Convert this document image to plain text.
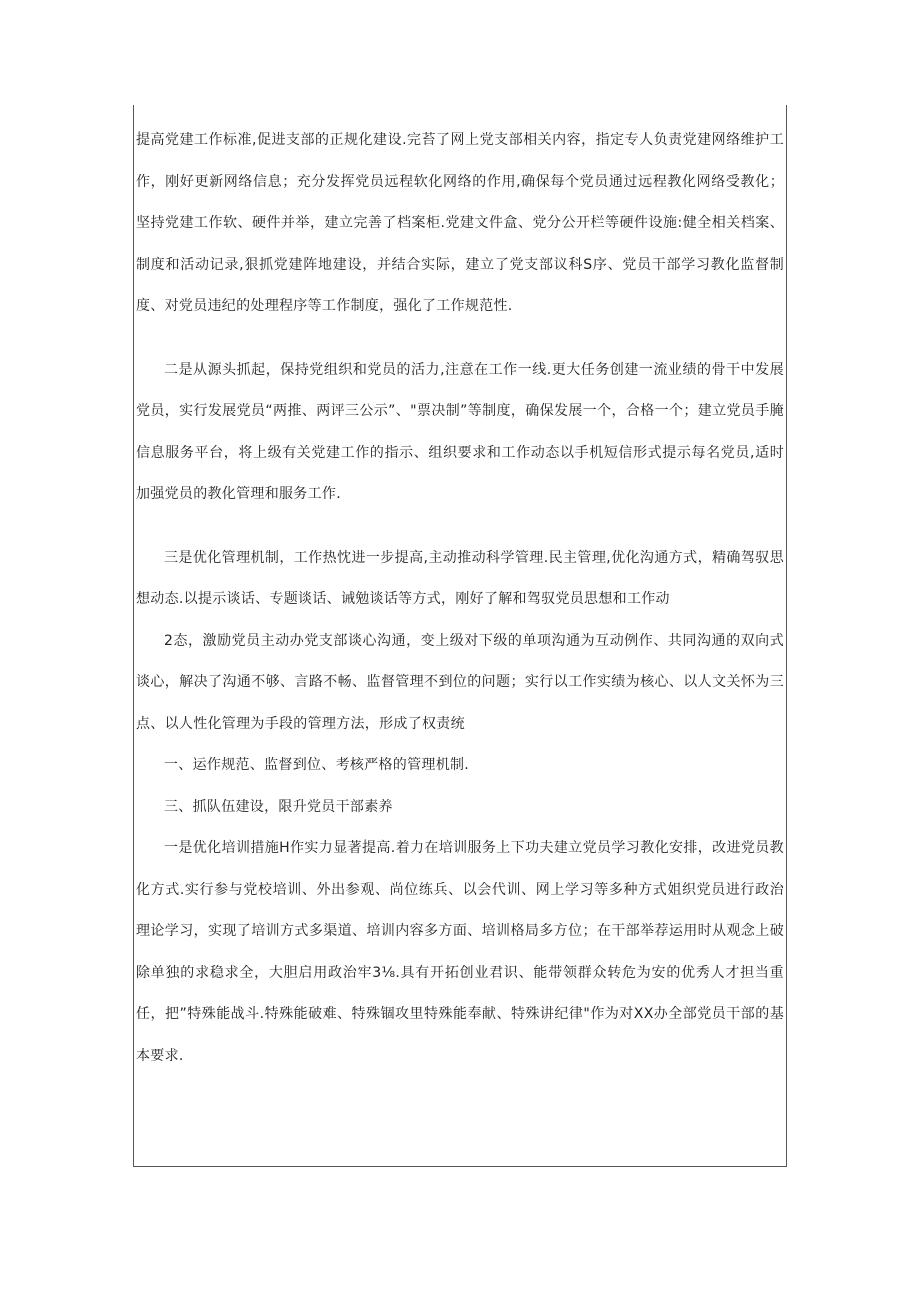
提高党建工作标准,促进支部的正规化建设.完苔了网上党支部相关内容，指定专人负责党建网络维护工作，刚好更新网络信息；充分发挥党员远程软化网络的作用,确保每个党员通过远程教化网络受教化；坚持党建工作软、硬件并举，建立完善了档案柜.党建文件盒、党分公开栏等硬件设施:健全相关档案、制度和活动记录,狠抓党建阵地建设，并结合实际，建立了党支部议科S序、党员干部学习教化监督制度、对党员违纪的处理程序等工作制度，强化了工作规范性.

二是从源头抓起，保持党组织和党员的活力,注意在工作一线.更大任务创建一流业绩的骨干中发展党员，实行发展党员“两推、两评三公示”、"票决制”等制度，确保发展一个，合格一个；建立党员手腌信息服务平台，将上级有关党建工作的指示、组织要求和工作动态以手机短信形式提示每名党员,适时加强党员的教化管理和服务工作.

三是优化管理机制，工作热忱进一步提高,主动推动科学管理.民主管理,优化沟通方式，精确驾驭思想动态.以提示谈话、专题谈话、诫勉谈话等方式，刚好了解和驾驭党员思想和工作动

2态，激励党员主动办党支部谈心沟通，变上级对下级的单项沟通为互动例作、共同沟通的双向式谈心，解决了沟通不够、言路不畅、监督管理不到位的问题；实行以工作实绩为核心、以人文关怀为三点、以人性化管理为手段的管理方法，形成了权责统

一、运作规范、监督到位、考核严格的管理机制.

三、抓队伍建设，限升党员干部素养

一是优化培训措施H作实力显著提高.着力在培训服务上下功夫建立党员学习教化安排，改进党员教化方式.实行参与党校培训、外出参观、尚位练兵、以会代训、网上学习等多种方式姐织党员进行政治理论学习，实现了培训方式多渠道、培训内容多方面、培训格局多方位；在干部举荐运用时从观念上破除单独的求稳求全，大胆启用政治牢3⅛.具有开拓创业君识、能带领群众转危为安的优秀人才担当重任，把”特殊能战斗.特殊能破难、特殊锢攻里特殊能奉献、特殊讲纪律"作为对XX办全部党员干部的基本要求.
